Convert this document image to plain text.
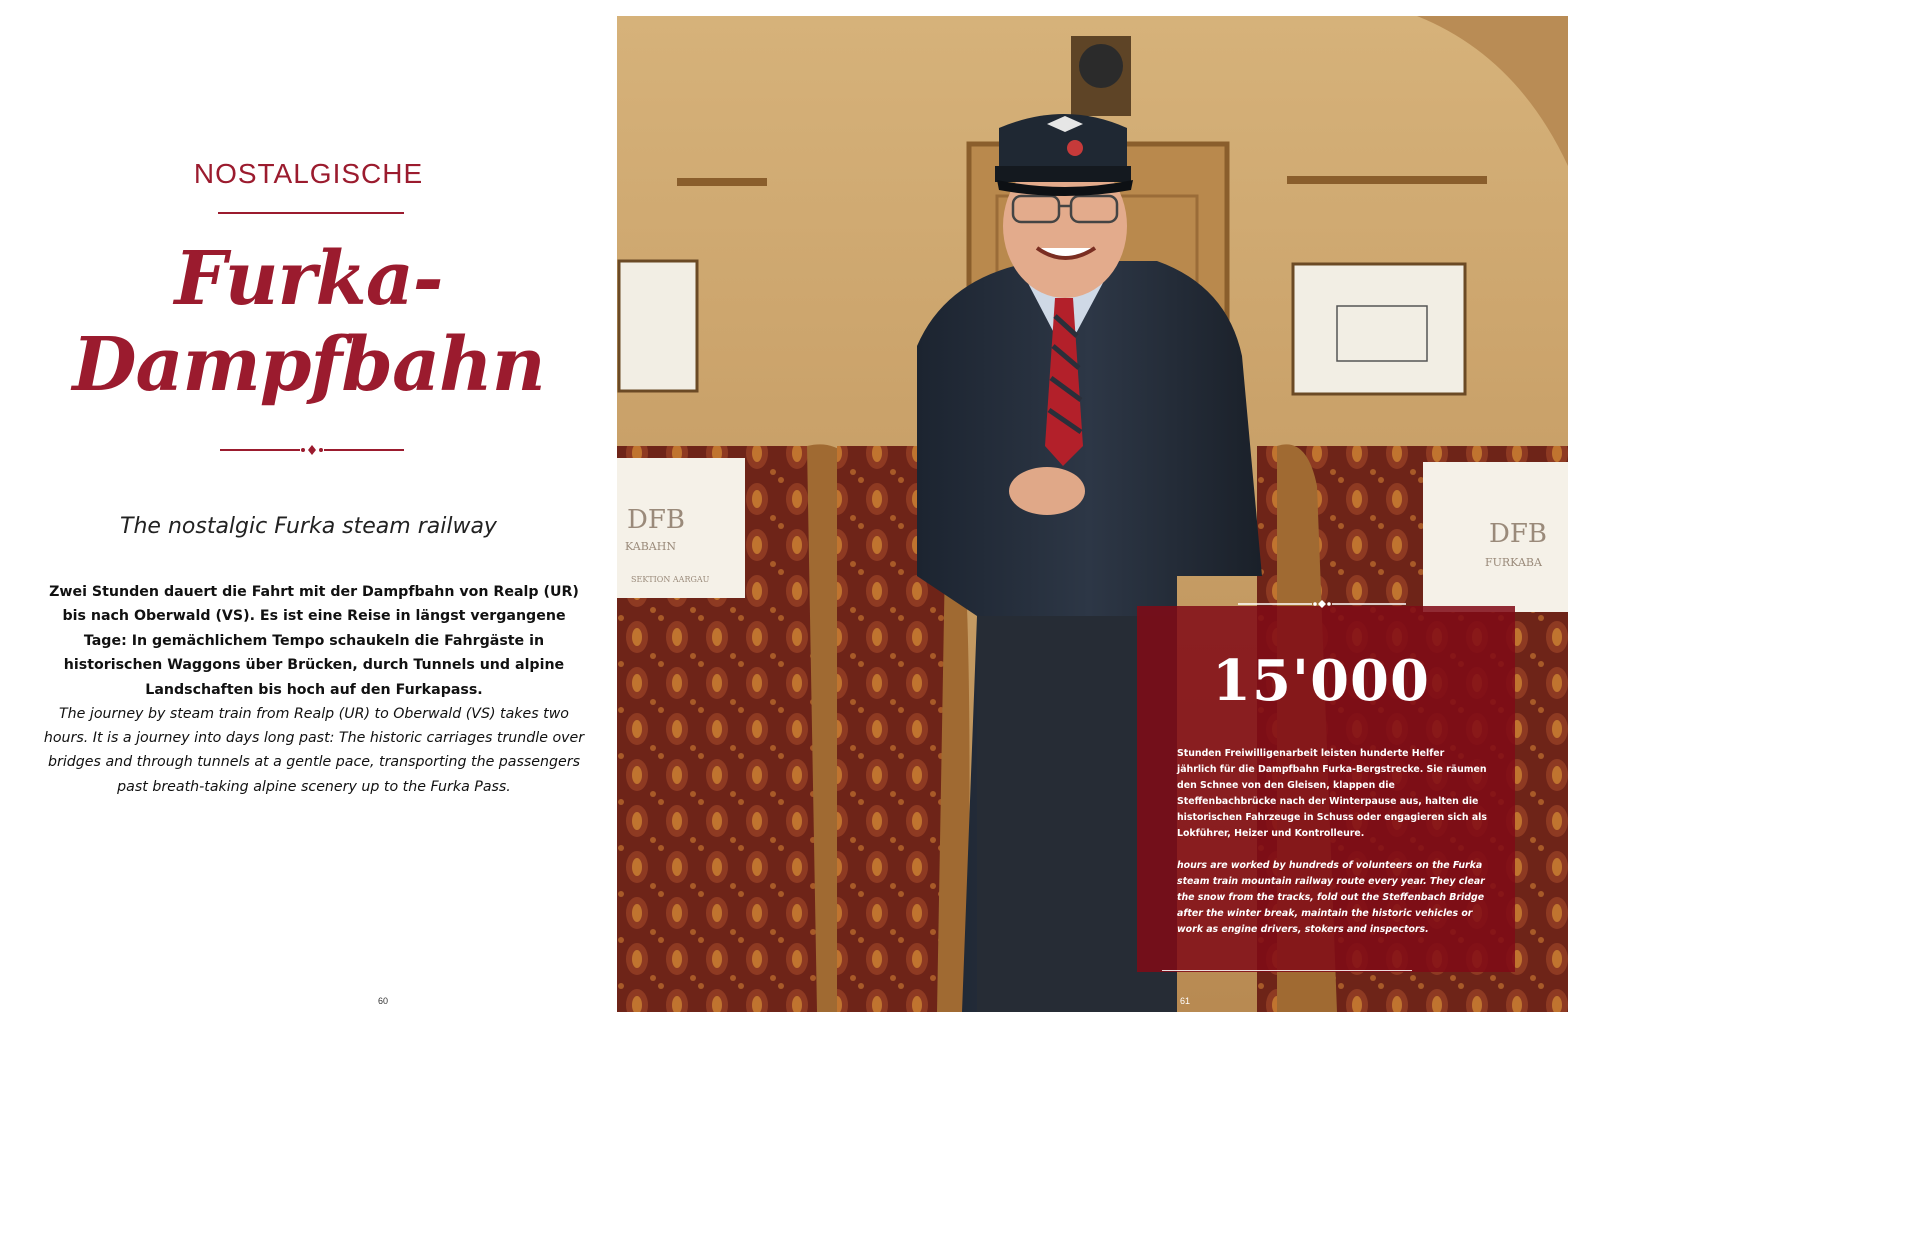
NOSTALGISCHE
Furka-
Dampfbahn
The nostalgic Furka steam railway

Zwei Stunden dauert die Fahrt mit der Dampfbahn von Realp (UR) bis nach Oberwald (VS). Es ist eine Reise in längst vergangene Tage: In gemächlichem Tempo schaukeln die Fahrgäste in historischen Waggons über Brücken, durch Tunnels und alpine Landschaften bis hoch auf den Furkapass.

The journey by steam train from Realp (UR) to Oberwald (VS) takes two hours. It is a journey into days long past: The historic carriages trundle over bridges and through tunnels at a gentle pace, transporting the passengers past breath-taking alpine scenery up to the Furka Pass.

60
DFB
KABAHN
SEKTION AARGAU
DFB
FURKABA
15'000

Stunden Freiwilligenarbeit leisten hunderte Helfer jährlich für die Dampfbahn Furka-Bergstrecke. Sie räumen den Schnee von den Gleisen, klappen die Steffenbachbrücke nach der Winterpause aus, halten die historischen Fahrzeuge in Schuss oder engagieren sich als Lokführer, Heizer und Kontrolleure.

hours are worked by hundreds of volunteers on the Furka steam train mountain railway route every year. They clear the snow from the tracks, fold out the Steffenbach Bridge after the winter break, maintain the historic vehicles or work as engine drivers, stokers and inspectors.

61
